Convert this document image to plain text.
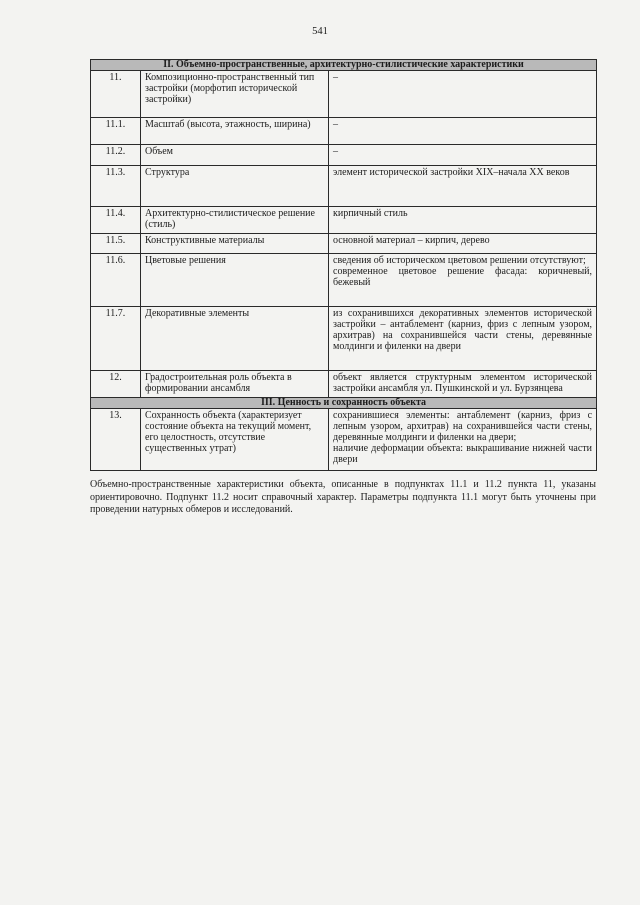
541
II. Объемно-пространственные, архитектурно-стилистические характеристики		
11.	Композиционно-пространственный тип застройки (морфотип исторической застройки)	–

11.1.	Масштаб (высота, этажность, ширина)	–

11.2.	Объем	–

11.3.	Структура	элемент исторической застройки XIX–начала XX веков

11.4.	Архитектурно-стилистическое решение (стиль)	кирпичный стиль

11.5.	Конструктивные материалы	основной материал – кирпич, дерево

11.6.	Цветовые решения	сведения об историческом цветовом решении отсутствуют;
современное цветовое решение фасада: коричневый, бежевый

11.7.	Декоративные элементы	из сохранившихся декоративных элементов исторической застройки – антаблемент (карниз, фриз с лепным узором, архитрав) на сохранившейся части стены, деревянные молдинги и филенки на двери

12.	Градостроительная роль объекта в формировании ансамбля	объект является структурным элементом исторической застройки ансамбля ул. Пушкинской и ул. Бурзянцева

III. Ценность и сохранность объекта		
13.	Сохранность объекта (характеризует состояние объекта на текущий момент, его целостность, отсутствие существенных утрат)	сохранившиеся элементы: антаблемент (карниз, фриз с лепным узором, архитрав) на сохранившейся части стены, деревянные молдинги и филенки на двери;
наличие деформации объекта: выкрашивание нижней части двери
Объемно-пространственные характеристики объекта, описанные в подпунктах 11.1 и 11.2 пункта 11, указаны ориентировочно. Подпункт 11.2 носит справочный характер. Параметры подпункта 11.1 могут быть уточнены при проведении натурных обмеров и исследований.
